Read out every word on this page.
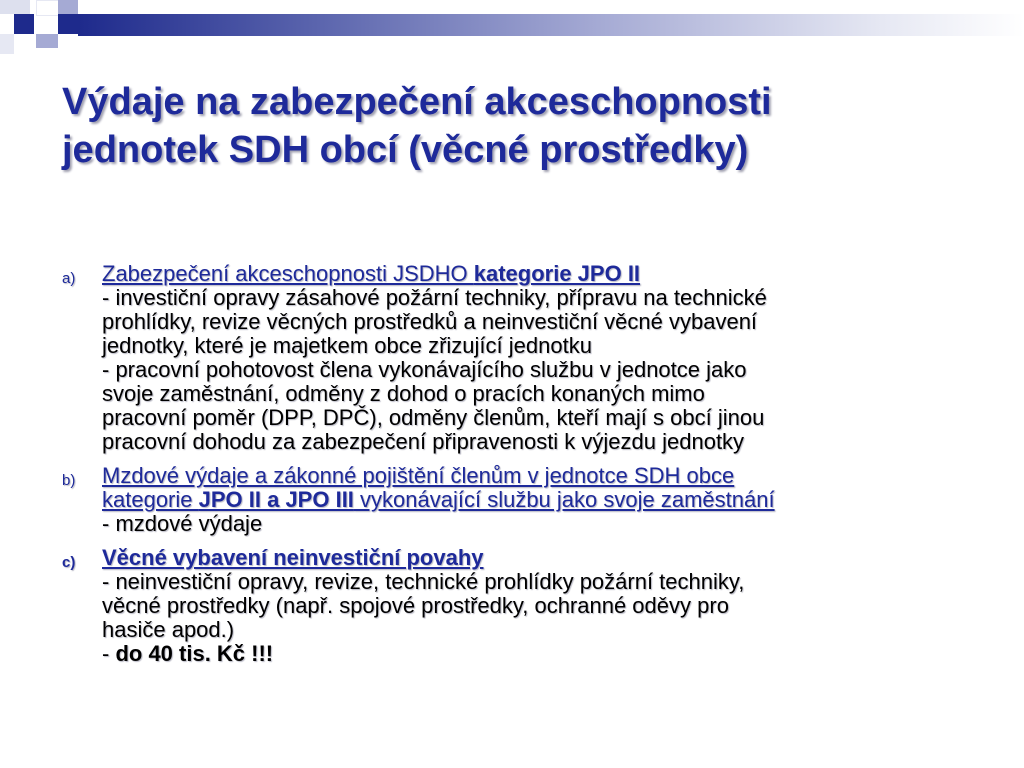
Výdaje na zabezpečení akceschopnosti
jednotek SDH obcí (věcné prostředky)
a) Zabezpečení akceschopnosti JSDHO kategorie JPO II
- investiční opravy zásahové požární techniky, přípravu na technické
prohlídky, revize věcných prostředků a neinvestiční věcné vybavení
jednotky, které je majetkem obce zřizující jednotku
- pracovní pohotovost člena vykonávajícího službu v jednotce jako
svoje zaměstnání, odměny z dohod o pracích konaných mimo
pracovní poměr (DPP, DPČ), odměny členům, kteří mají s obcí jinou
pracovní dohodu za zabezpečení připravenosti k výjezdu jednotky
b) Mzdové výdaje a zákonné pojištění členům v jednotce SDH obce
kategorie JPO II a JPO III vykonávající službu jako svoje zaměstnání
- mzdové výdaje
c) Věcné vybavení neinvestiční povahy
- neinvestiční opravy, revize, technické prohlídky požární techniky,
věcné prostředky (např. spojové prostředky, ochranné oděvy pro
hasiče apod.)
- do 40 tis. Kč !!!
